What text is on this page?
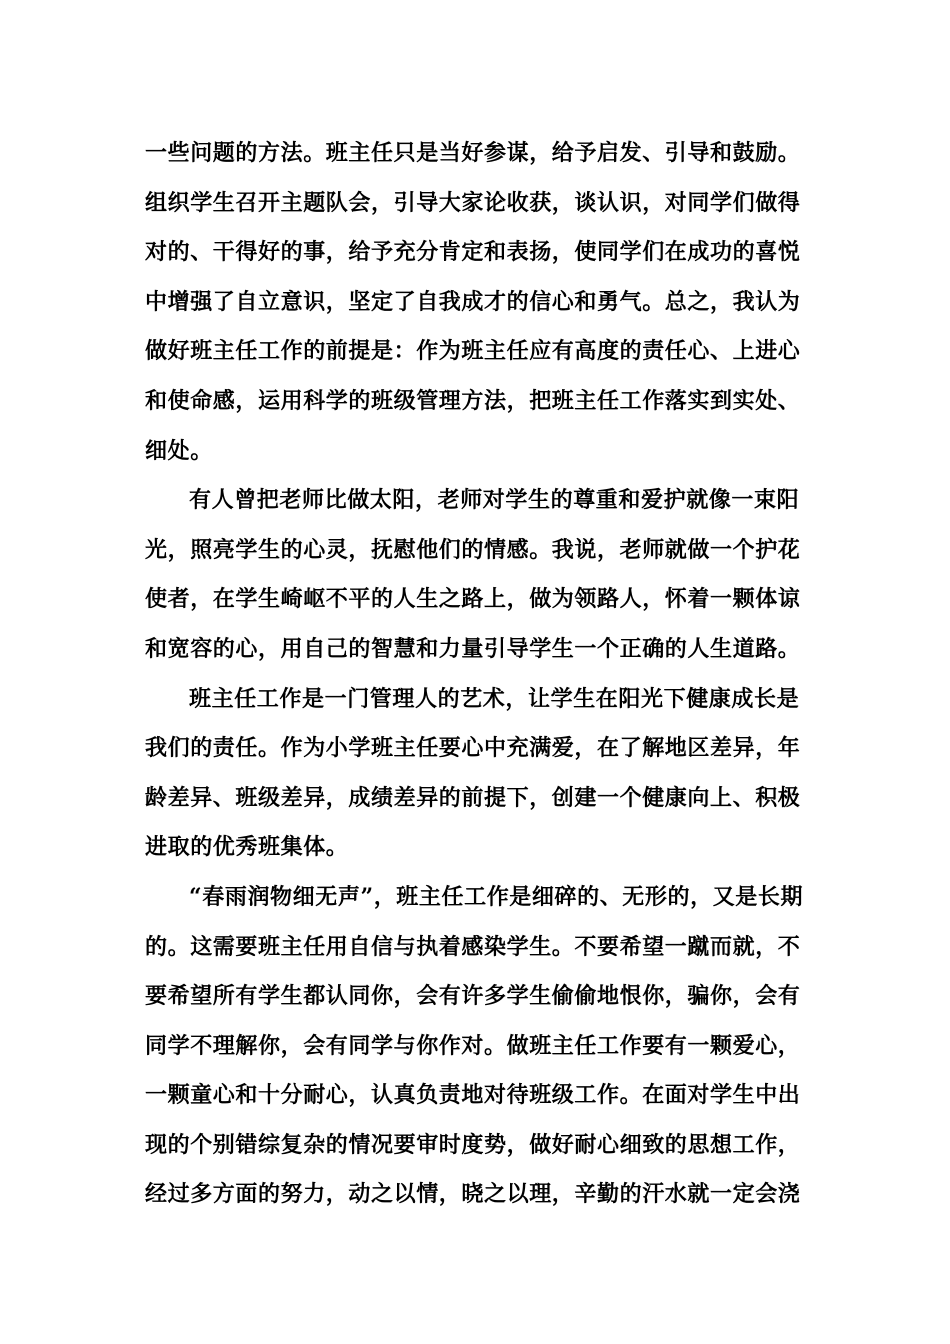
一些问题的方法。班主任只是当好参谋，给予启发、引导和鼓励。
组织学生召开主题队会，引导大家论收获，谈认识，对同学们做得
对的、干得好的事，给予充分肯定和表扬，使同学们在成功的喜悦
中增强了自立意识，坚定了自我成才的信心和勇气。总之，我认为
做好班主任工作的前提是：作为班主任应有高度的责任心、上进心
和使命感，运用科学的班级管理方法，把班主任工作落实到实处、
细处。
有人曾把老师比做太阳，老师对学生的尊重和爱护就像一束阳
光，照亮学生的心灵，抚慰他们的情感。我说，老师就做一个护花
使者，在学生崎岖不平的人生之路上，做为领路人，怀着一颗体谅
和宽容的心，用自己的智慧和力量引导学生一个正确的人生道路。
班主任工作是一门管理人的艺术，让学生在阳光下健康成长是
我们的责任。作为小学班主任要心中充满爱，在了解地区差异，年
龄差异、班级差异，成绩差异的前提下，创建一个健康向上、积极
进取的优秀班集体。
“春雨润物细无声”，班主任工作是细碎的、无形的，又是长期
的。这需要班主任用自信与执着感染学生。不要希望一蹴而就，不
要希望所有学生都认同你，会有许多学生偷偷地恨你，骗你，会有
同学不理解你，会有同学与你作对。做班主任工作要有一颗爱心，
一颗童心和十分耐心，认真负责地对待班级工作。在面对学生中出
现的个别错综复杂的情况要审时度势，做好耐心细致的思想工作，
经过多方面的努力，动之以情，晓之以理，辛勤的汗水就一定会浇
